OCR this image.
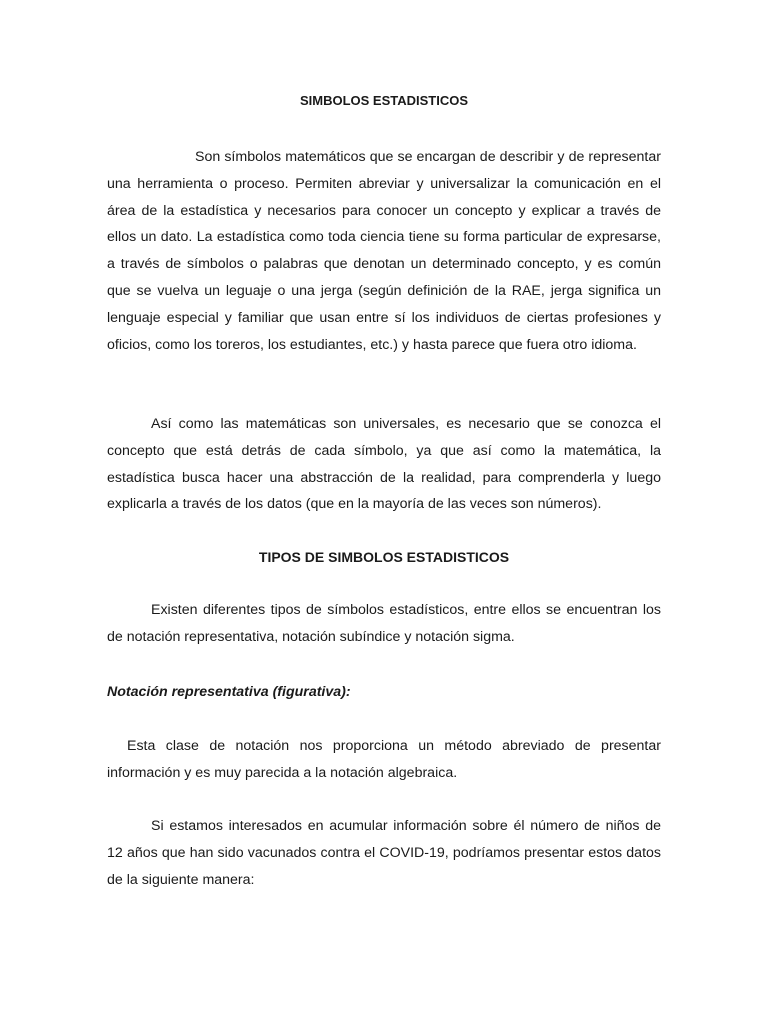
SIMBOLOS ESTADISTICOS

Son símbolos matemáticos que se encargan de describir y de representar una herramienta o proceso. Permiten abreviar y universalizar la comunicación en el área de la estadística y necesarios para conocer un concepto y explicar a través de ellos un dato. La estadística como toda ciencia tiene su forma particular de expresarse, a través de símbolos o palabras que denotan un determinado concepto, y es común que se vuelva un leguaje o una jerga (según definición de la RAE, jerga significa un lenguaje especial y familiar que usan entre sí los individuos de ciertas profesiones y oficios, como los toreros, los estudiantes, etc.) y hasta parece que fuera otro idioma.

Así como las matemáticas son universales, es necesario que se conozca el concepto que está detrás de cada símbolo, ya que así como la matemática, la estadística busca hacer una abstracción de la realidad, para comprenderla y luego explicarla a través de los datos (que en la mayoría de las veces son números).

TIPOS DE SIMBOLOS ESTADISTICOS

Existen diferentes tipos de símbolos estadísticos, entre ellos se encuentran los de notación representativa, notación subíndice y notación sigma.

Notación representativa (figurativa):

Esta clase de notación nos proporciona un método abreviado de presentar información y es muy parecida a la notación algebraica.

Si estamos interesados en acumular información sobre él número de niños de 12 años que han sido vacunados contra el COVID-19, podríamos presentar estos datos de la siguiente manera:
